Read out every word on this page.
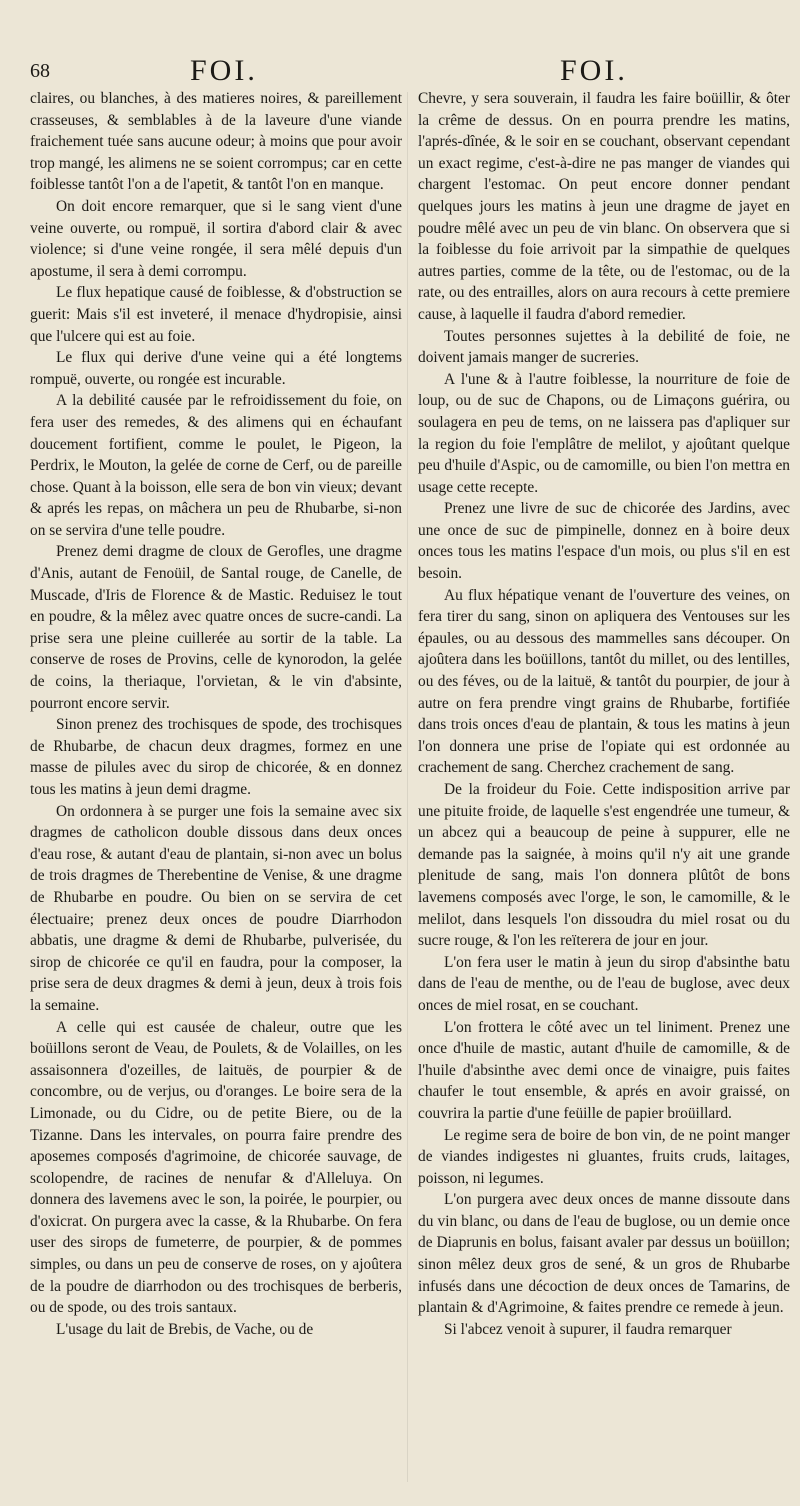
68	FOI.	FOI.

claires, ou blanches, à des matieres noires, & pareillement crasseuses, & semblables à de la laveure d'une viande fraichement tuée sans aucune odeur; à moins que pour avoir trop mangé, les alimens ne se soient corrompus; car en cette foiblesse tantôt l'on a de l'apetit, & tantôt l'on en manque.

On doit encore remarquer, que si le sang vient d'une veine ouverte, ou rompuë, il sortira d'abord clair & avec violence; si d'une veine rongée, il sera mêlé depuis d'un apostume, il sera à demi corrompu.

Le flux hepatique causé de foiblesse, & d'obstruction se guerit: Mais s'il est inveteré, il menace d'hydropisie, ainsi que l'ulcere qui est au foie.

Le flux qui derive d'une veine qui a été longtems rompuë, ouverte, ou rongée est incurable.

A la debilité causée par le refroidissement du foie, on fera user des remedes, & des alimens qui en échaufant doucement fortifient, comme le poulet, le Pigeon, la Perdrix, le Mouton, la gelée de corne de Cerf, ou de pareille chose. Quant à la boisson, elle sera de bon vin vieux; devant & aprés les repas, on mâchera un peu de Rhubarbe, si-non on se servira d'une telle poudre.

Prenez demi dragme de cloux de Gerofles, une dragme d'Anis, autant de Fenoüil, de Santal rouge, de Canelle, de Muscade, d'Iris de Florence & de Mastic. Reduisez le tout en poudre, & la mêlez avec quatre onces de sucre-candi. La prise sera une pleine cuillerée au sortir de la table. La conserve de roses de Provins, celle de kynorodon, la gelée de coins, la theriaque, l'orvietan, & le vin d'absinte, pourront encore servir.

Sinon prenez des trochisques de spode, des trochisques de Rhubarbe, de chacun deux dragmes, formez en une masse de pilules avec du sirop de chicorée, & en donnez tous les matins à jeun demi dragme.

On ordonnera à se purger une fois la semaine avec six dragmes de catholicon double dissous dans deux onces d'eau rose, & autant d'eau de plantain, si-non avec un bolus de trois dragmes de Therebentine de Venise, & une dragme de Rhubarbe en poudre. Ou bien on se servira de cet électuaire; prenez deux onces de poudre Diarrhodon abbatis, une dragme & demi de Rhubarbe, pulverisée, du sirop de chicorée ce qu'il en faudra, pour la composer, la prise sera de deux dragmes & demi à jeun, deux à trois fois la semaine.

A celle qui est causée de chaleur, outre que les boüillons seront de Veau, de Poulets, & de Volailles, on les assaisonnera d'ozeilles, de laituës, de pourpier & de concombre, ou de verjus, ou d'oranges. Le boire sera de la Limonade, ou du Cidre, ou de petite Biere, ou de la Tizanne. Dans les intervales, on pourra faire prendre des aposemes composés d'agrimoine, de chicorée sauvage, de scolopendre, de racines de nenufar & d'Alleluya. On donnera des lavemens avec le son, la poirée, le pourpier, ou d'oxicrat. On purgera avec la casse, & la Rhubarbe. On fera user des sirops de fumeterre, de pourpier, & de pommes simples, ou dans un peu de conserve de roses, on y ajoûtera de la poudre de diarrhodon ou des trochisques de berberis, ou de spode, ou des trois santaux.

L'usage du lait de Brebis, de Vache, ou de

Chevre, y sera souverain, il faudra les faire boüillir, & ôter la crême de dessus. On en pourra prendre les matins, l'aprés-dînée, & le soir en se couchant, observant cependant un exact regime, c'est-à-dire ne pas manger de viandes qui chargent l'estomac. On peut encore donner pendant quelques jours les matins à jeun une dragme de jayet en poudre mêlé avec un peu de vin blanc. On observera que si la foiblesse du foie arrivoit par la simpathie de quelques autres parties, comme de la tête, ou de l'estomac, ou de la rate, ou des entrailles, alors on aura recours à cette premiere cause, à laquelle il faudra d'abord remedier.

Toutes personnes sujettes à la debilité de foie, ne doivent jamais manger de sucreries.

A l'une & à l'autre foiblesse, la nourriture de foie de loup, ou de suc de Chapons, ou de Limaçons guérira, ou soulagera en peu de tems, on ne laissera pas d'apliquer sur la region du foie l'emplâtre de melilot, y ajoûtant quelque peu d'huile d'Aspic, ou de camomille, ou bien l'on mettra en usage cette recepte.

Prenez une livre de suc de chicorée des Jardins, avec une once de suc de pimpinelle, donnez en à boire deux onces tous les matins l'espace d'un mois, ou plus s'il en est besoin.

Au flux hépatique venant de l'ouverture des veines, on fera tirer du sang, sinon on apliquera des Ventouses sur les épaules, ou au dessous des mammelles sans découper. On ajoûtera dans les boüillons, tantôt du millet, ou des lentilles, ou des féves, ou de la laituë, & tantôt du pourpier, de jour à autre on fera prendre vingt grains de Rhubarbe, fortifiée dans trois onces d'eau de plantain, & tous les matins à jeun l'on donnera une prise de l'opiate qui est ordonnée au crachement de sang. Cherchez crachement de sang.

De la froideur du Foie. Cette indisposition arrive par une pituite froide, de laquelle s'est engendrée une tumeur, & un abcez qui a beaucoup de peine à suppurer, elle ne demande pas la saignée, à moins qu'il n'y ait une grande plenitude de sang, mais l'on donnera plûtôt de bons lavemens composés avec l'orge, le son, le camomille, & le melilot, dans lesquels l'on dissoudra du miel rosat ou du sucre rouge, & l'on les reïterera de jour en jour.

L'on fera user le matin à jeun du sirop d'absinthe batu dans de l'eau de menthe, ou de l'eau de buglose, avec deux onces de miel rosat, en se couchant.

L'on frottera le côté avec un tel liniment. Prenez une once d'huile de mastic, autant d'huile de camomille, & de l'huile d'absinthe avec demi once de vinaigre, puis faites chaufer le tout ensemble, & aprés en avoir graissé, on couvrira la partie d'une feüille de papier broüillard.

Le regime sera de boire de bon vin, de ne point manger de viandes indigestes ni gluantes, fruits cruds, laitages, poisson, ni legumes.

L'on purgera avec deux onces de manne dissoute dans du vin blanc, ou dans de l'eau de buglose, ou un demie once de Diaprunis en bolus, faisant avaler par dessus un boüillon; sinon mêlez deux gros de sené, & un gros de Rhubarbe infusés dans une décoction de deux onces de Tamarins, de plantain & d'Agrimoine, & faites prendre ce remede à jeun.

Si l'abcez venoit à supurer, il faudra remarquer
